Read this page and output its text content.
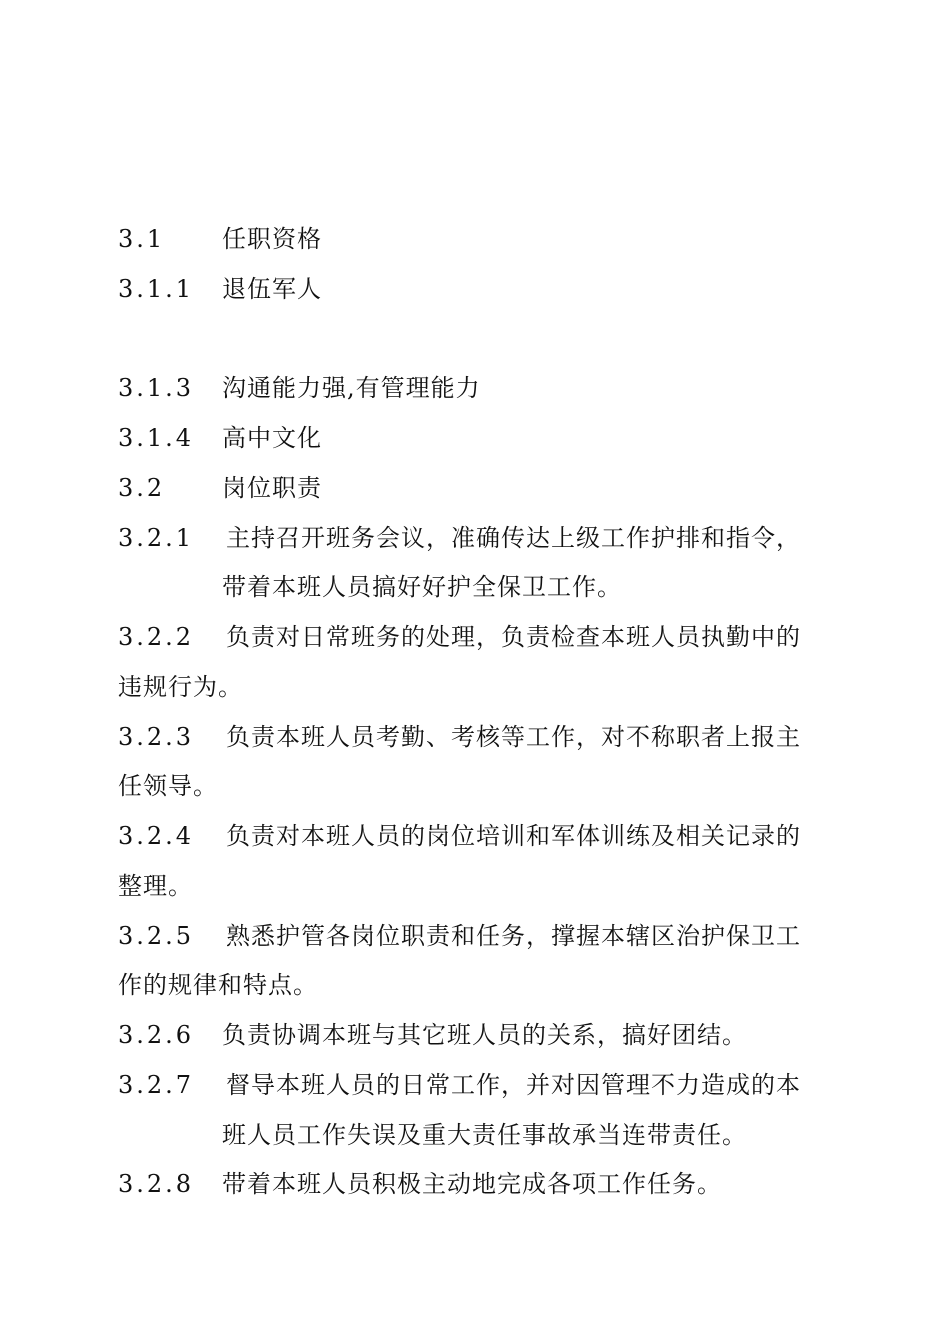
3.1 任职资格
3.1.1 退伍军人
3.1.3 沟通能力强,有管理能力
3.1.4 高中文化
3.2 岗位职责
3.2.1 主持召开班务会议，准确传达上级工作护排和指令，
带着本班人员搞好好护全保卫工作。
3.2.2 负责对日常班务的处理，负责检查本班人员执勤中的
违规行为。
3.2.3 负责本班人员考勤、考核等工作，对不称职者上报主
任领导。
3.2.4 负责对本班人员的岗位培训和军体训练及相关记录的
整理。
3.2.5 熟悉护管各岗位职责和任务，撑握本辖区治护保卫工
作的规律和特点。
3.2.6 负责协调本班与其它班人员的关系，搞好团结。
3.2.7 督导本班人员的日常工作，并对因管理不力造成的本
班人员工作失误及重大责任事故承当连带责任。
3.2.8 带着本班人员积极主动地完成各项工作任务。
